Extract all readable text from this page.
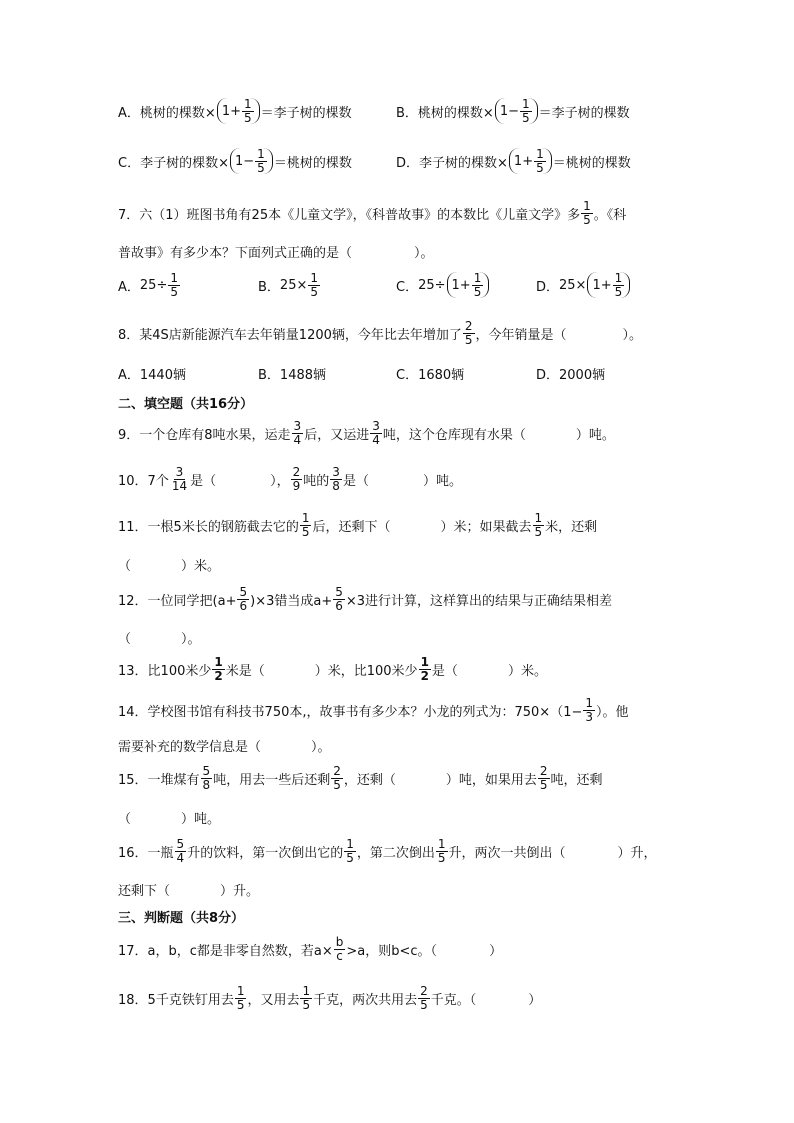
A． 桃树的棵数× $1 + \frac{1}{5}$ ＝李子树的棵数	B． 桃树的棵数× $1 - \frac{1}{5}$ ＝李子树的棵数
C． 李子树的棵数× $1 - \frac{1}{5}$ ＝桃树的棵数	D． 李子树的棵数× $1 + \frac{1}{5}$ ＝桃树的棵数
7．六（1）班图书角有25本《儿童文学》，《科普故事》的本数比《儿童文学》多 $\frac{1}{5}$ 。《科
普故事》有多少本？下面列式正确的是（	）。
A． $25\div \frac{1}{5}$	B． $25\times \frac{1}{5}$	C． $25\div 1 + \frac{1}{5}$	D． $25\times 1 + \frac{1}{5}$
8．某4S店新能源汽车去年销量1200辆，今年比去年增加了 $\frac{2}{5}$ ，今年销量是（	）。
A．1440辆	B．1488辆	C．1680辆	D．2000辆
二、填空题（共16分）
9．一个仓库有8吨水果，运走 $\frac{3}{4}$ 后，又运进 $\frac{3}{4}$ 吨，这个仓库现有水果（	）吨。
10．7个 $\frac{3}{14}$ 是（	）， $\frac{2}{9}$ 吨的 $\frac{3}{8}$ 是（	）吨。
11．一根5米长的钢筋截去它的 $\frac{1}{5}$ 后，还剩下（	）米；如果截去 $\frac{1}{5}$ 米，还剩
（	）米。
12．一位同学把$(a+ \frac{5}{6} )\times 3$错当成$a+ \frac{5}{6} \times 3$进行计算，这样算出的结果与正确结果相差
（	）。
13．比100米少 $\frac{1}{2}$ 米是（	）米，比100米少 $\frac{1}{2}$ 是（	）米。
14．学校图书馆有科技书750本,，故事书有多少本？小龙的列式为：$750\times(1- \frac{1}{3}$ ）。他
需要补充的数学信息是（	）。
15．一堆煤有 $\frac{5}{8}$ 吨，用去一些后还剩 $\frac{2}{5}$ ，还剩（	）吨，如果用去 $\frac{2}{5}$ 吨，还剩
（	）吨。
16．一瓶 $\frac{5}{4}$ 升的饮料，第一次倒出它的 $\frac{1}{5}$ ，第二次倒出 $\frac{1}{5}$ 升，两次一共倒出（	）升，
还剩下（	）升。
三、判断题（共8分）
17．a，b，c都是非零自然数，若$a\times \frac{b}{c} >a$，则b<c。（	）
18．5千克铁钉用去 $\frac{1}{5}$ ，又用去 $\frac{1}{5}$ 千克，两次共用去 $\frac{2}{5}$ 千克。（	）
